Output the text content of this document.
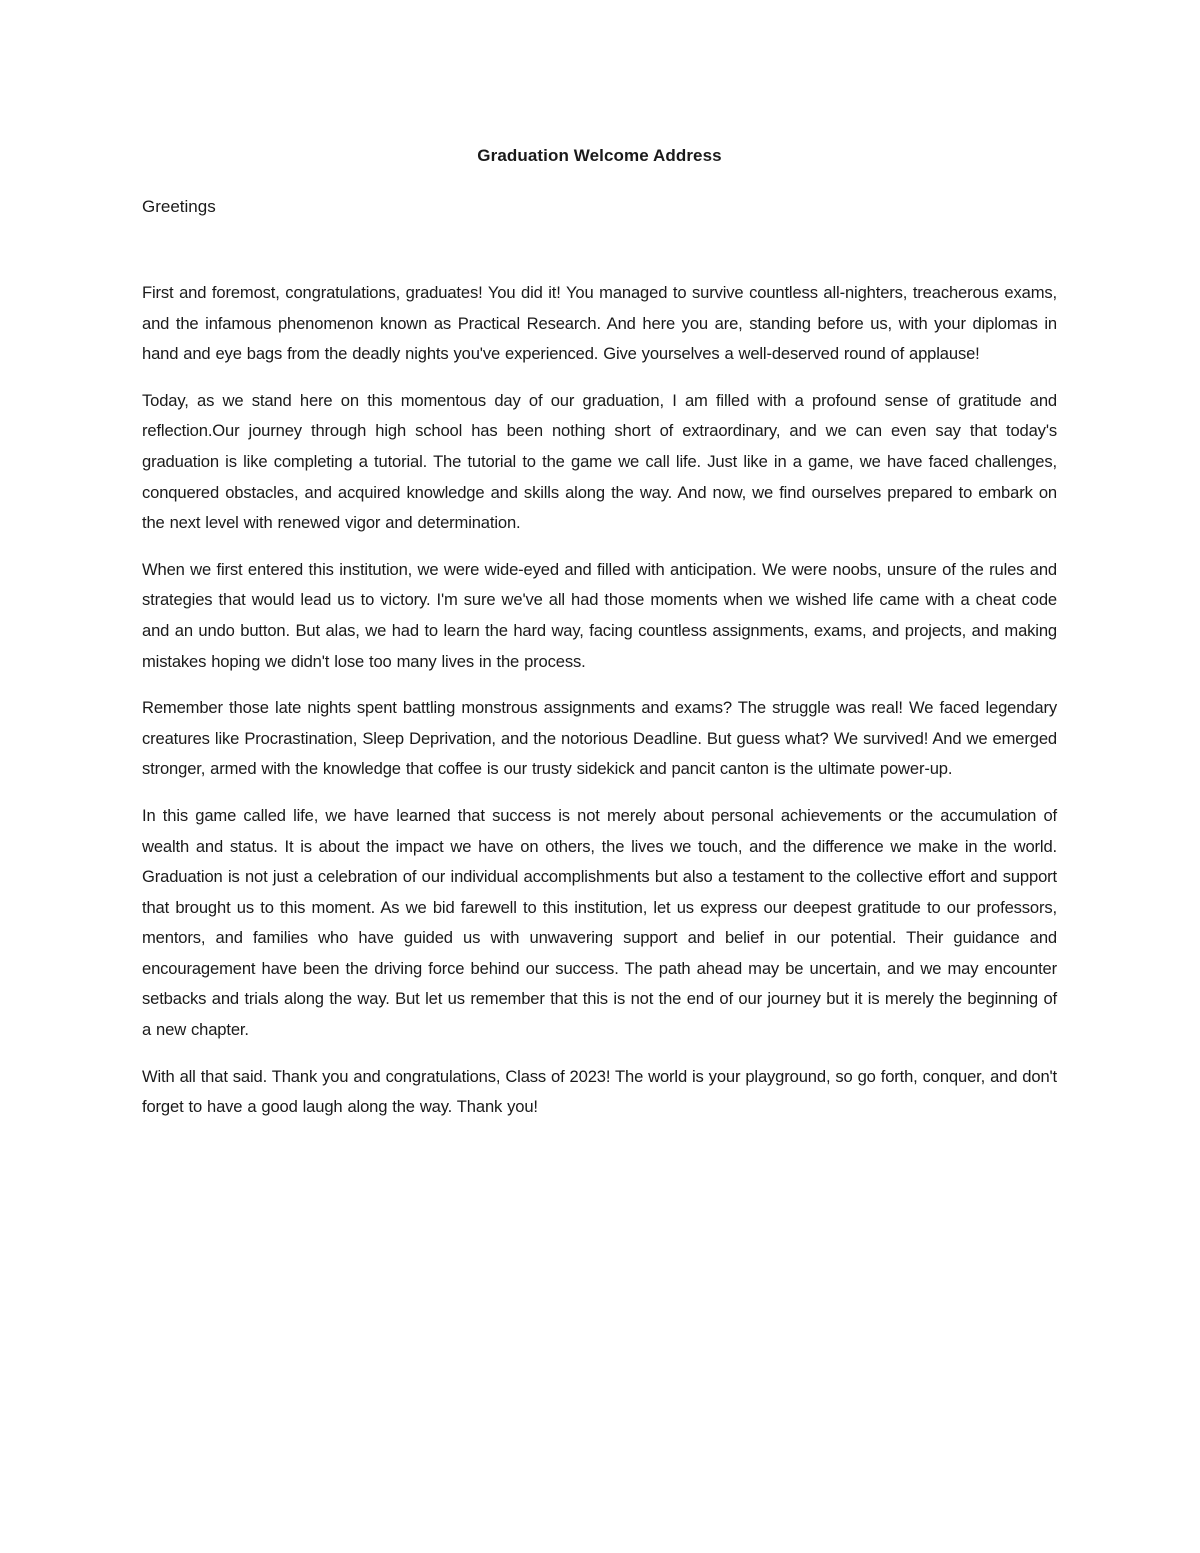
Graduation Welcome Address

Greetings

First and foremost, congratulations, graduates! You did it! You managed to survive countless all-nighters, treacherous exams, and the infamous phenomenon known as Practical Research. And here you are, standing before us, with your diplomas in hand and eye bags from the deadly nights you've experienced. Give yourselves a well-deserved round of applause!

Today, as we stand here on this momentous day of our graduation, I am filled with a profound sense of gratitude and reflection.Our journey through high school has been nothing short of extraordinary, and we can even say that today's graduation is like completing a tutorial. The tutorial to the game we call life. Just like in a game, we have faced challenges, conquered obstacles, and acquired knowledge and skills along the way. And now, we find ourselves prepared to embark on the next level with renewed vigor and determination.

When we first entered this institution, we were wide-eyed and filled with anticipation. We were noobs, unsure of the rules and strategies that would lead us to victory. I'm sure we've all had those moments when we wished life came with a cheat code and an undo button. But alas, we had to learn the hard way, facing countless assignments, exams, and projects, and making mistakes hoping we didn't lose too many lives in the process.

Remember those late nights spent battling monstrous assignments and exams? The struggle was real! We faced legendary creatures like Procrastination, Sleep Deprivation, and the notorious Deadline. But guess what? We survived! And we emerged stronger, armed with the knowledge that coffee is our trusty sidekick and pancit canton is the ultimate power-up.

In this game called life, we have learned that success is not merely about personal achievements or the accumulation of wealth and status. It is about the impact we have on others, the lives we touch, and the difference we make in the world. Graduation is not just a celebration of our individual accomplishments but also a testament to the collective effort and support that brought us to this moment. As we bid farewell to this institution, let us express our deepest gratitude to our professors, mentors, and families who have guided us with unwavering support and belief in our potential. Their guidance and encouragement have been the driving force behind our success. The path ahead may be uncertain, and we may encounter setbacks and trials along the way. But let us remember that this is not the end of our journey but it is merely the beginning of a new chapter.

With all that said. Thank you and congratulations, Class of 2023! The world is your playground, so go forth, conquer, and don't forget to have a good laugh along the way. Thank you!
